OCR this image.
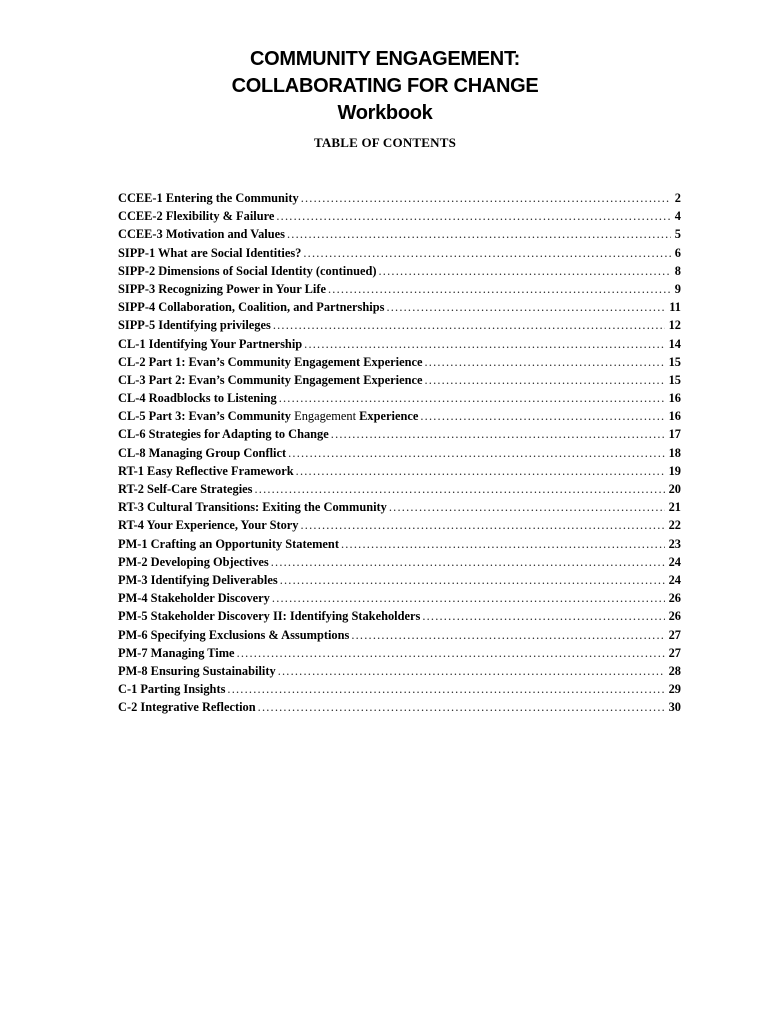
COMMUNITY ENGAGEMENT:
COLLABORATING FOR CHANGE
Workbook
TABLE OF CONTENTS
CCEE-1 Entering the Community .....	2
CCEE-2 Flexibility & Failure .....	4
CCEE-3 Motivation and Values .....	5
SIPP-1 What are Social Identities? .....	6
SIPP-2 Dimensions of Social Identity (continued) .....	8
SIPP-3 Recognizing Power in Your Life .....	9
SIPP-4 Collaboration, Coalition, and Partnerships .....	11
SIPP-5 Identifying privileges .....	12
CL-1 Identifying Your Partnership .....	14
CL-2 Part 1: Evan’s Community Engagement Experience .....	15
CL-3 Part 2: Evan’s Community Engagement Experience .....	15
CL-4 Roadblocks to Listening .....	16
CL-5 Part 3: Evan’s Community Engagement Experience .....	16
CL-6 Strategies for Adapting to Change .....	17
CL-8 Managing Group Conflict .....	18
RT-1 Easy Reflective Framework .....	19
RT-2 Self-Care Strategies .....	20
RT-3 Cultural Transitions: Exiting the Community .....	21
RT-4 Your Experience, Your Story .....	22
PM-1 Crafting an Opportunity Statement .....	23
PM-2 Developing Objectives .....	24
PM-3 Identifying Deliverables .....	24
PM-4 Stakeholder Discovery .....	26
PM-5 Stakeholder Discovery II: Identifying Stakeholders .....	26
PM-6 Specifying Exclusions & Assumptions .....	27
PM-7 Managing Time .....	27
PM-8 Ensuring Sustainability .....	28
C-1 Parting Insights .....	29
C-2 Integrative Reflection .....	30
